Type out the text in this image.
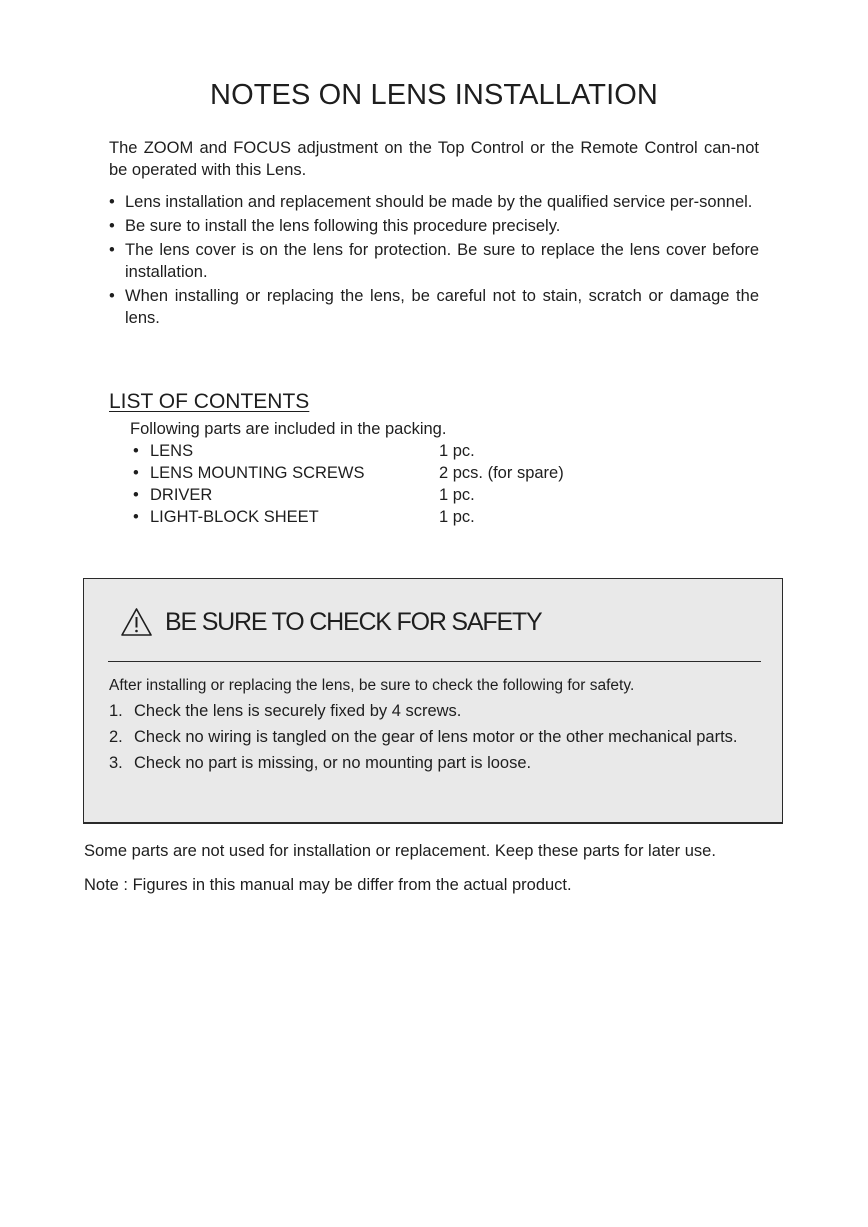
NOTES ON LENS INSTALLATION

The ZOOM and FOCUS adjustment on the Top Control or the Remote Control can-not be operated with this Lens.

• Lens installation and replacement should be made by the qualified service per-sonnel.
• Be sure to install the lens following this procedure precisely.
• The lens cover is on the lens for protection. Be sure to replace the lens cover before installation.
• When installing or replacing the lens, be careful not to stain, scratch or damage the lens.
LIST OF CONTENTS

Following parts are included in the packing.

• LENS	1 pc.
• LENS MOUNTING SCREWS	2 pcs. (for spare)
• DRIVER	1 pc.
• LIGHT-BLOCK SHEET	1 pc.
BE SURE TO CHECK FOR SAFETY

After installing or replacing the lens, be sure to check the following for safety.

1. Check the lens is securely fixed by 4 screws.
2. Check no wiring is tangled on the gear of lens motor or the other mechanical parts.
3. Check no part is missing, or no mounting part is loose.

Some parts are not used for installation or replacement. Keep these parts for later use.

Note : Figures in this manual may be differ from the actual product.
